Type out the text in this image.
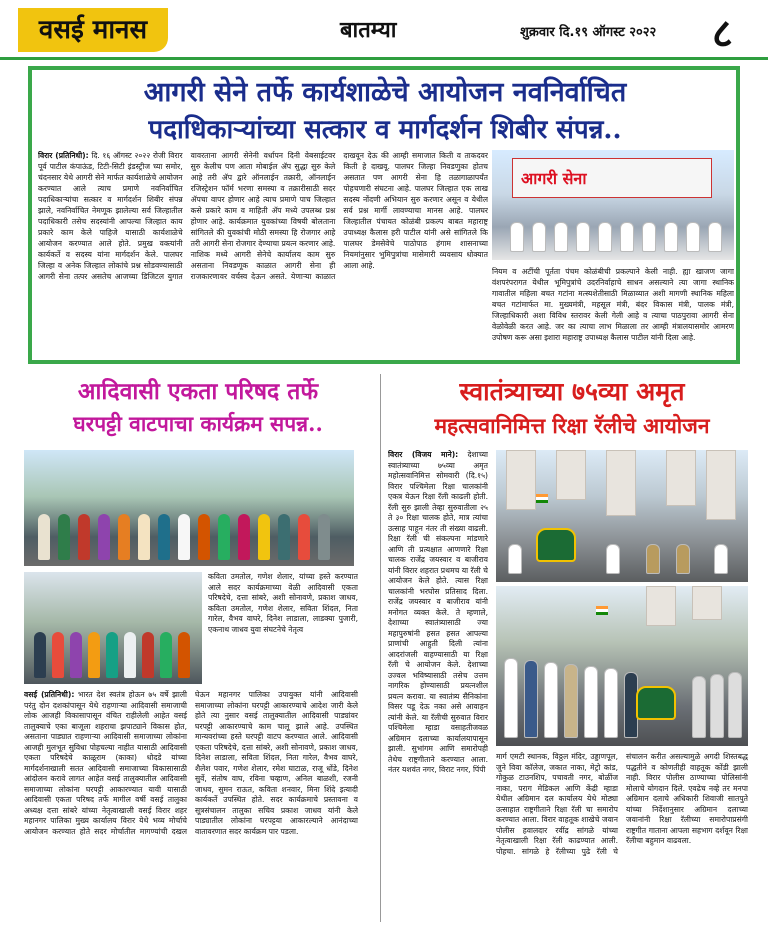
वसई मानस	बातम्या	शुक्रवार दि.१९ ऑगस्ट २०२२ ८
आगरी सेने तर्फे कार्यशाळेचे आयोजन नवनिर्वाचित
पदाधिकाऱ्यांच्या सत्कार व मार्गदर्शन शिबीर संपन्न..
विरार (प्रतिनिधी): दि. १६ ऑगस्ट २०२२ रोजी विरार पूर्व पाटील कंपाऊंड, टिटी-सिटी इंडस्ट्रीज च्या समोर, चंदनसार येथे आगरी सेने मार्फत कार्यशाळेचे आयोजन करण्यात आले त्याच प्रमाणे नवनिर्वाचित पदाधिकाऱ्यांचा सत्कार व मार्गदर्शन शिबीर संपन्न झाले, नवनिर्वाचित नेमणूक झालेल्या सर्व जिल्हातील पदाधिकारी तसेच सदस्यांनी आपल्या जिल्हात काय प्रकारे काम केले पाहिजे यासाठी कार्यशाळेचे आयोजन करण्यात आले होते. प्रमुख वक्त्यांनी कार्यकर्ते व सदस्य यांना मार्गदर्शन केले. पालघर जिल्हा व अनेक जिल्हात लोकांचे प्रश्न सोडवण्यासाठी आगरी सेना तत्पर असतेच आजच्या डिजिटल युगात वावरताना आगरी सेनेनी वर्धापन दिनी वेबसाईटवर सुरु केलीच पण आता मोबाईल ॲप सुद्धा सुरु केले आहे तरी ॲप द्वारे ऑनलाईन तक्रारी, ऑनलाईन रजिस्ट्रेशन फॉर्म भरणा समस्या व तक्रारीसाठी सदर ॲपचा वापर होणार आहे त्याच प्रमाणे पाच जिल्हात कसे प्रकारे काम व माहिती ॲप मध्ये उपलब्ध प्रश्न होणार आहे. कार्यक्रमात युवकांच्या विषयी बोलताना सांगितले की युवकांची मोठी समस्या हि रोजगार आहे तरी आगरी सेना रोजगार देण्याचा प्रयत्न करणार आहे. नाशिक मध्ये आगरी सेनेचे कार्यालय काम सुरु असताना निवडणूक काळात आगरी सेना ही राजकारणावर वर्चस्व देऊन असते. येणाऱ्या काळात दाखवून देऊ की आम्ही समाजात किती व ताकदवर किती हे दाखवू. पालघर जिल्हा निवडणुका होतच असतात पण आगरी सेना हि तळागाळापर्यंत पोहचणारी संघटना आहे. पालघर जिल्हात एक लाख सदस्य नोंदणी अभियान सुरु करणार असून व येथील सर्व प्रश्न मार्गी लावण्याचा मानस आहे. पालघर जिल्हातील पंचायत कोळंबी प्रकल्प बाबत महाराष्ट्र उपाध्यक्ष कैलास हरी पाटील यांनी असे सांगितले कि पालघर डेमसेवेचे पाठोपाठ हंगाम शासनाच्या नियमांनुसार भुमिपुत्रांचा मासेमारी व्यवसाय धोक्यात आला आहे.
आगरी सेना
नियम व अटींची पूर्तता पंचम कोळंबीची प्रकल्पाने केली नाही. ह्या खाजण जागा वंशपरंपरागत येथील भूमिपुत्रांचे उदरनिर्वाहाचे साधन असल्याने त्या जागा स्थानिक गावातील महिला बचत गटांना मत्स्यशेतीसाठी मिळाव्यात अशी मागणी स्थानिक महिला बचत गटांमार्फत मा. मुख्यमंत्री, महसूल मंत्री, बंदर विकास मंत्री, पालक मंत्री, जिल्हाधिकारी अशा विविध स्तरावर केली गेली आहे व त्याचा पाठपुरावा आगरी सेना वेळोवेळी करत आहे. जर का त्याचा लाभ मिळाला तर आम्ही मंत्रालयासमोर आमरण उपोषण करू असा इशारा महाराष्ट्र उपाध्यक्ष कैलास पाटील यांनी दिला आहे.
आदिवासी एकता परिषद तर्फे
घरपट्टी वाटपाचा कार्यक्रम सपन्न..
कविता उमतोल, गणेश शेलार, यांच्या हस्ते करण्यात आले सदर कार्यक्रमाच्या वेळी आदिवासी एकता परिषदेचे, दत्ता सांबरे, अशी सोनावणे, प्रकाश जाधव, कविता उमतोल, गणेश शेलार, सविता शिंदल, निता गारेल, वैभव वाघरे, दिनेश लाडाला, लाडक्या पुजारी, एकनाथ जाधव युवा संघटनेचे नेतृत्व
वसई (प्रतिनिधी): भारत देश स्वतंत्र होऊन ७५ वर्षे झाली परंतु दोन दशकांपासून येथे राहणाऱ्या आदिवासी समाजाची लोक आजही विकासापासून वंचित राहीलेली आहेत वसई तालुक्याचे एका बाजूला शहराचा झपाट्याने विकास होत, असताना पाड्यात राहणाऱ्या आदिवासी समाजाच्या लोकांना आजही मुलभूत सुविधा पोहचल्या नाहीत यासाठी आदिवासी एकता परिषदेचे काळूराम (काका) धोदडे यांच्या मार्गदर्शनाखाली सतत आदिवासी समाजाच्या विकासासाठी आंदोलन करावे लागत आहेत वसई तालुक्यातील आदिवासी समाजाच्या लोकांना घरपट्टी आकारण्यात यावी यासाठी आदिवासी एकता परिषद तर्फे मागील वर्षी वसई तालुका अध्यक्ष दत्ता सांबरे यांच्या नेतृत्वाखाली वसई विरार शहर महानगर पालिका मुख्य कार्यालय विरार येथे भव्य मोर्चाचे आयोजन करण्यात होते सदर मोर्चातील मागण्यांची दखल घेऊन महानगर पालिका उपायुक्त यांनी आदिवासी समाजाच्या लोकांना घरपट्टी आकारण्याचे आदेश जारी केले होते त्या नुसार वसई तालुक्यातील आदिवासी पाड्यांवर घरपट्टी आकारण्याचे काम चालू झाले आहे. उपस्थित मान्यवरांच्या हस्ते घरपट्टी वाटप करण्यात आले. आदिवासी एकता परिषदेचे, दत्ता सांबरे, अशी सोनावणे, प्रकाश जाधव, दिनेश लाडाला, सविता शिंदल, निता गारेल, वैभव वाघरे, शैलेश पवार, गणेश शेलार, रमेश घाटाळ, राजू धोंडे, दिनेश सुर्वे, संतोष वाघ, रविना चव्हाण, अनिल बाळशी, रजनी जाधव, सुमन राऊत, कविता शनवार, मिना शिंदे इत्यादी कार्यकर्ते उपस्थित होते. सदर कार्यक्रमाचे प्रस्तावना व सूत्रसंचालन तालुका सचिव प्रकाश जाधव यांनी केले पाड्यातील लोकांना घरपट्टया आकारल्याने आनंदाच्या वातावरणात सदर कार्यक्रम पार पडला.
स्वातंत्र्याच्या ७५व्या अमृत
महत्सवानिमित्त रिक्षा रॅलीचे आयोजन
विरार (विजय माने): देशाच्या स्वातंत्र्याच्या ७५व्या अमृत महोत्सवानिमित्त सोमवारी (दि.१५) विरार पश्चिमेला रिक्षा चालकांनी एकत्र येऊन रिक्षा रॅली काढली होती. रॅली सुरु झाली तेव्हा सुरुवातीला २५ ते ३० रिक्षा चालक होते, मात्र त्यांचा उत्साह पाहून नंतर ती संख्या वाढली. रिक्षा रॅली ची संकल्पना मांडणारे आणि ती प्रत्यक्षात आणणारे रिक्षा चालक राजेंद्र जयस्वार व बाजीराव यांनी विरार शहरात प्रथमच या रॅली चे आयोजन केले होते. त्यास रिक्षा चालकांनी भरघोस प्रतिसाद दिला. राजेंद्र जयस्वार व बाजीराव यांनी मनोगत व्यक्त केले. ते म्हणाले, देशाच्या स्वातंत्र्यासाठी ज्या महापुरुषांनी हसत हसत आपल्या प्राणांची आहुती दिली त्यांना आदरांजली वाहण्यासाठी या रिक्षा रॅली चे आयोजन केले. देशाच्या उज्वल भविष्यासाठी तसेच उत्तम नागरिक होण्यासाठी प्रयत्नशील प्रयत्न करावा. या स्वातंत्र्य सैनिकांना विसर पडू देऊ नका असे आवाहन त्यांनी केले. या रॅलीची सुरुवात विरार पश्चिमेला म्हाडा वसाहतीजवळ अग्रिमान दलाच्या कार्यालयापासून झाली. सुभांगम आणि समारोपही तेथेच राष्ट्रगीताने करण्यात आला. नंतर यशवंत नगर, विराट नगर, पिंपी
मार्ग एमटी स्थानक, विठ्ठल मंदिर, उड्डाणपूल, जुने विवा कॉलेज, जकात नाका, मेट्रो कांड, गोकुळ टाउनशिप, पचावती नगर, बोळींज नाका, पराग मेडिकल आणि केंद्री म्हाडा येथील अग्रिमान दल कार्यालय येथे मोठ्या उत्साहात राष्ट्रगीताने रिक्षा रॅली चा समारोप करण्यात आला. विरार वाहतूक शाखेचे जवान पोलीस हवालदार रवींद्र सांगळे यांच्या नेतृत्वाखाली रिक्षा रॅली काढण्यात आली. पोहचा. सांगळे हे रॅलीच्या पुढे रॅली चे संचालन करीत असल्यामुळे अगदी शिस्तबद्ध पद्धतीने व कोणतीही वाहतूक कोंडी झाली नाही. विरार पोलीस ठाण्याच्या पोलिसांनी मोलाचे योगदान दिले. एवढेच नव्हे तर मनपा अग्रिमान दलाचे अधिकारी शिवाजी सातपुते यांच्या निर्देशानुसार अग्रिमान दलाच्या जवानांनी रिक्षा रॅलीच्या समारोपाप्रसंगी राष्ट्रगीत गाताना आपला सहभाग दर्शवून रिक्षा रॅलीचा बहुमान वाढवला.
